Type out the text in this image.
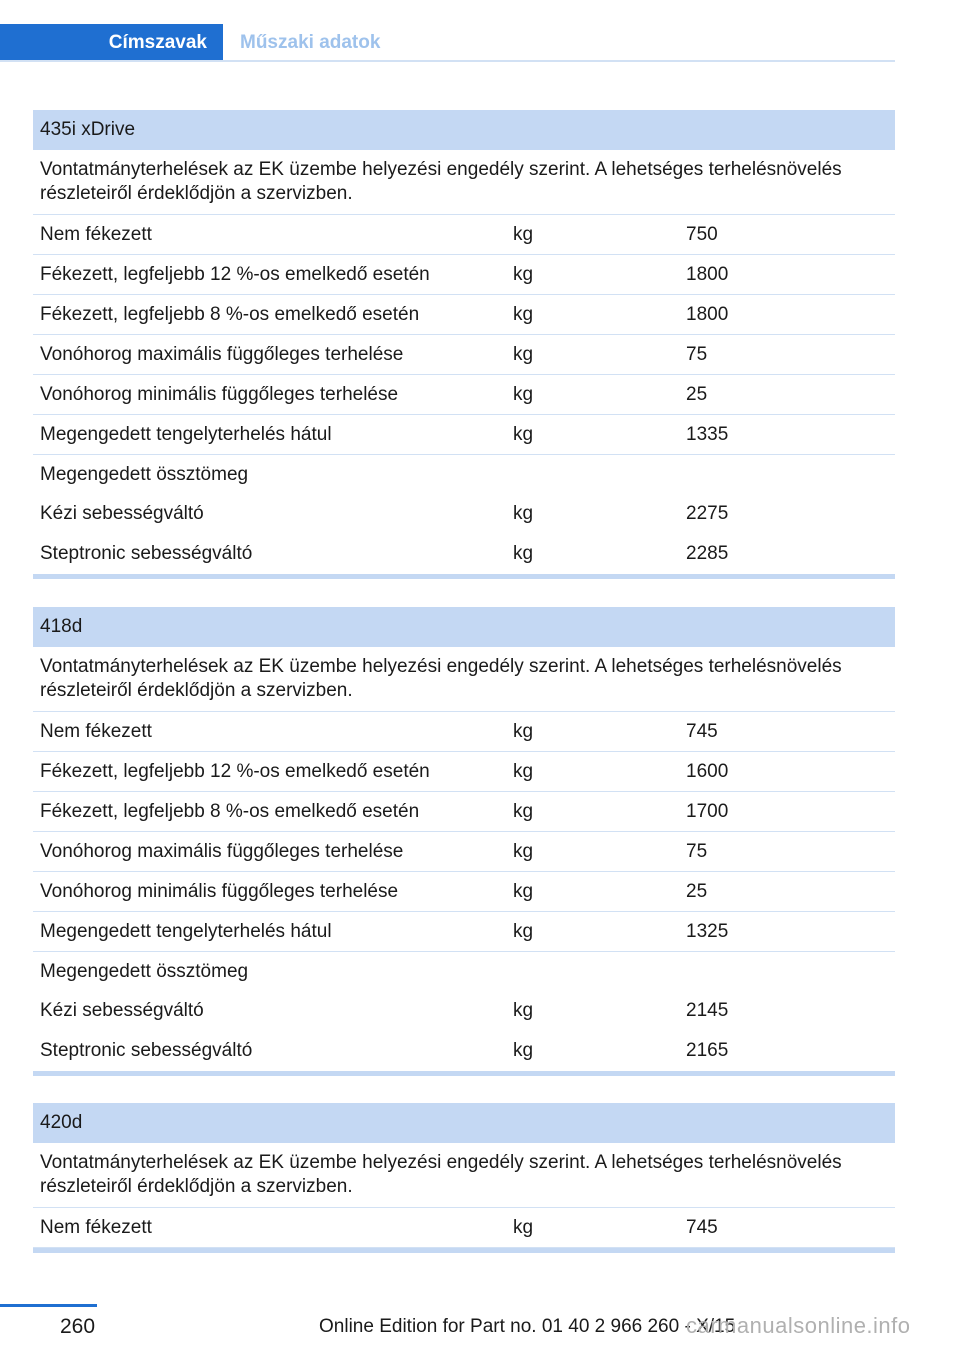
Címszavak	Műszaki adatok
435i xDrive
Vontatmányterhelések az EK üzembe helyezési engedély szerint. A lehetséges terhelésnövelés részleteiről érdeklődjön a szervizben.
Nem fékezett	kg	750
Fékezett, legfeljebb 12 %-os emelkedő esetén	kg	1800
Fékezett, legfeljebb 8 %-os emelkedő esetén	kg	1800
Vonóhorog maximális függőleges terhelése	kg	75
Vonóhorog minimális függőleges terhelése	kg	25
Megengedett tengelyterhelés hátul	kg	1335
Megengedett össztömeg
Kézi sebességváltó	kg	2275
Steptronic sebességváltó	kg	2285
418d
Vontatmányterhelések az EK üzembe helyezési engedély szerint. A lehetséges terhelésnövelés részleteiről érdeklődjön a szervizben.
Nem fékezett	kg	745
Fékezett, legfeljebb 12 %-os emelkedő esetén	kg	1600
Fékezett, legfeljebb 8 %-os emelkedő esetén	kg	1700
Vonóhorog maximális függőleges terhelése	kg	75
Vonóhorog minimális függőleges terhelése	kg	25
Megengedett tengelyterhelés hátul	kg	1325
Megengedett össztömeg
Kézi sebességváltó	kg	2145
Steptronic sebességváltó	kg	2165
420d
Vontatmányterhelések az EK üzembe helyezési engedély szerint. A lehetséges terhelésnövelés részleteiről érdeklődjön a szervizben.
Nem fékezett	kg	745
260	Online Edition for Part no. 01 40 2 966 260 - X/15
carmanualsonline.info
